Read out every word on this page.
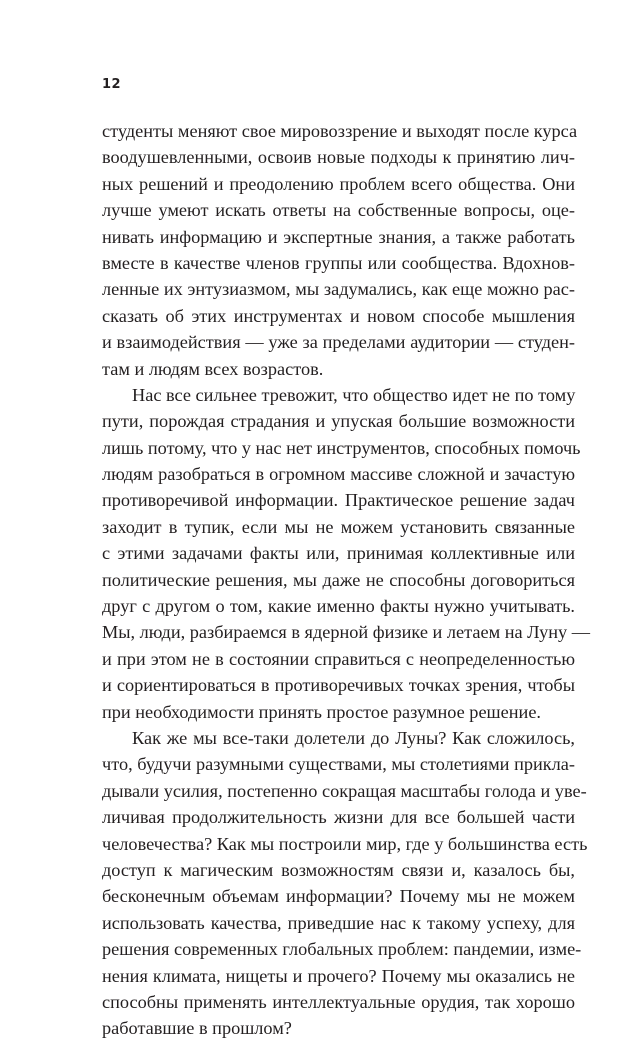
12
студенты меняют свое мировоззрение и выходят после курса
воодушевленными, освоив новые подходы к принятию лич-
ных решений и преодолению проблем всего общества. Они
лучше умеют искать ответы на собственные вопросы, оце-
нивать информацию и экспертные знания, а также работать
вместе в качестве членов группы или сообщества. Вдохнов-
ленные их энтузиазмом, мы задумались, как еще можно рас-
сказать об этих инструментах и новом способе мышления
и взаимодействия — уже за пределами аудитории — студен-
там и людям всех возрастов.
Нас все сильнее тревожит, что общество идет не по тому
пути, порождая страдания и упуская большие возможности
лишь потому, что у нас нет инструментов, способных помочь
людям разобраться в огромном массиве сложной и зачастую
противоречивой информации. Практическое решение задач
заходит в тупик, если мы не можем установить связанные
с этими задачами факты или, принимая коллективные или
политические решения, мы даже не способны договориться
друг с другом о том, какие именно факты нужно учитывать.
Мы, люди, разбираемся в ядерной физике и летаем на Луну —
и при этом не в состоянии справиться с неопределенностью
и сориентироваться в противоречивых точках зрения, чтобы
при необходимости принять простое разумное решение.
Как же мы все-таки долетели до Луны? Как сложилось,
что, будучи разумными существами, мы столетиями прикла-
дывали усилия, постепенно сокращая масштабы голода и уве-
личивая продолжительность жизни для все большей части
человечества? Как мы построили мир, где у большинства есть
доступ к магическим возможностям связи и, казалось бы,
бесконечным объемам информации? Почему мы не можем
использовать качества, приведшие нас к такому успеху, для
решения современных глобальных проблем: пандемии, изме-
нения климата, нищеты и прочего? Почему мы оказались не
способны применять интеллектуальные орудия, так хорошо
работавшие в прошлом?
